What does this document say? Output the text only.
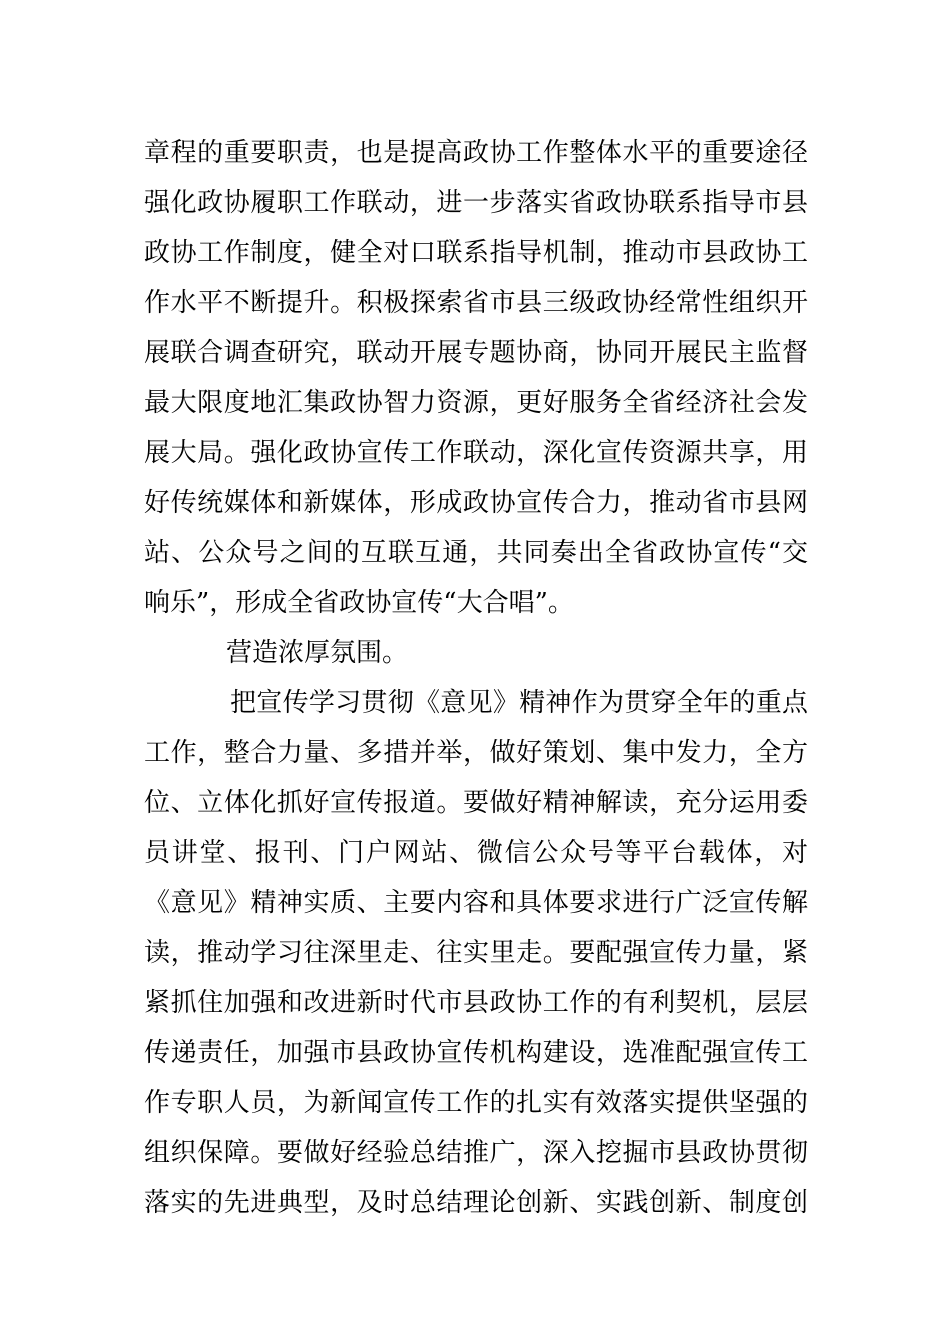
章程的重要职责，也是提高政协工作整体水平的重要途径
强化政协履职工作联动，进一步落实省政协联系指导市县
政协工作制度，健全对口联系指导机制，推动市县政协工
作水平不断提升。积极探索省市县三级政协经常性组织开
展联合调查研究，联动开展专题协商，协同开展民主监督
最大限度地汇集政协智力资源，更好服务全省经济社会发
展大局。强化政协宣传工作联动，深化宣传资源共享，用
好传统媒体和新媒体，形成政协宣传合力，推动省市县网
站、公众号之间的互联互通，共同奏出全省政协宣传“交
响乐”，形成全省政协宣传“大合唱”。
营造浓厚氛围。
把宣传学习贯彻《意见》精神作为贯穿全年的重点
工作，整合力量、多措并举，做好策划、集中发力，全方
位、立体化抓好宣传报道。要做好精神解读，充分运用委
员讲堂、报刊、门户网站、微信公众号等平台载体，对
《意见》精神实质、主要内容和具体要求进行广泛宣传解
读，推动学习往深里走、往实里走。要配强宣传力量，紧
紧抓住加强和改进新时代市县政协工作的有利契机，层层
传递责任，加强市县政协宣传机构建设，选准配强宣传工
作专职人员，为新闻宣传工作的扎实有效落实提供坚强的
组织保障。要做好经验总结推广，深入挖掘市县政协贯彻
落实的先进典型，及时总结理论创新、实践创新、制度创
